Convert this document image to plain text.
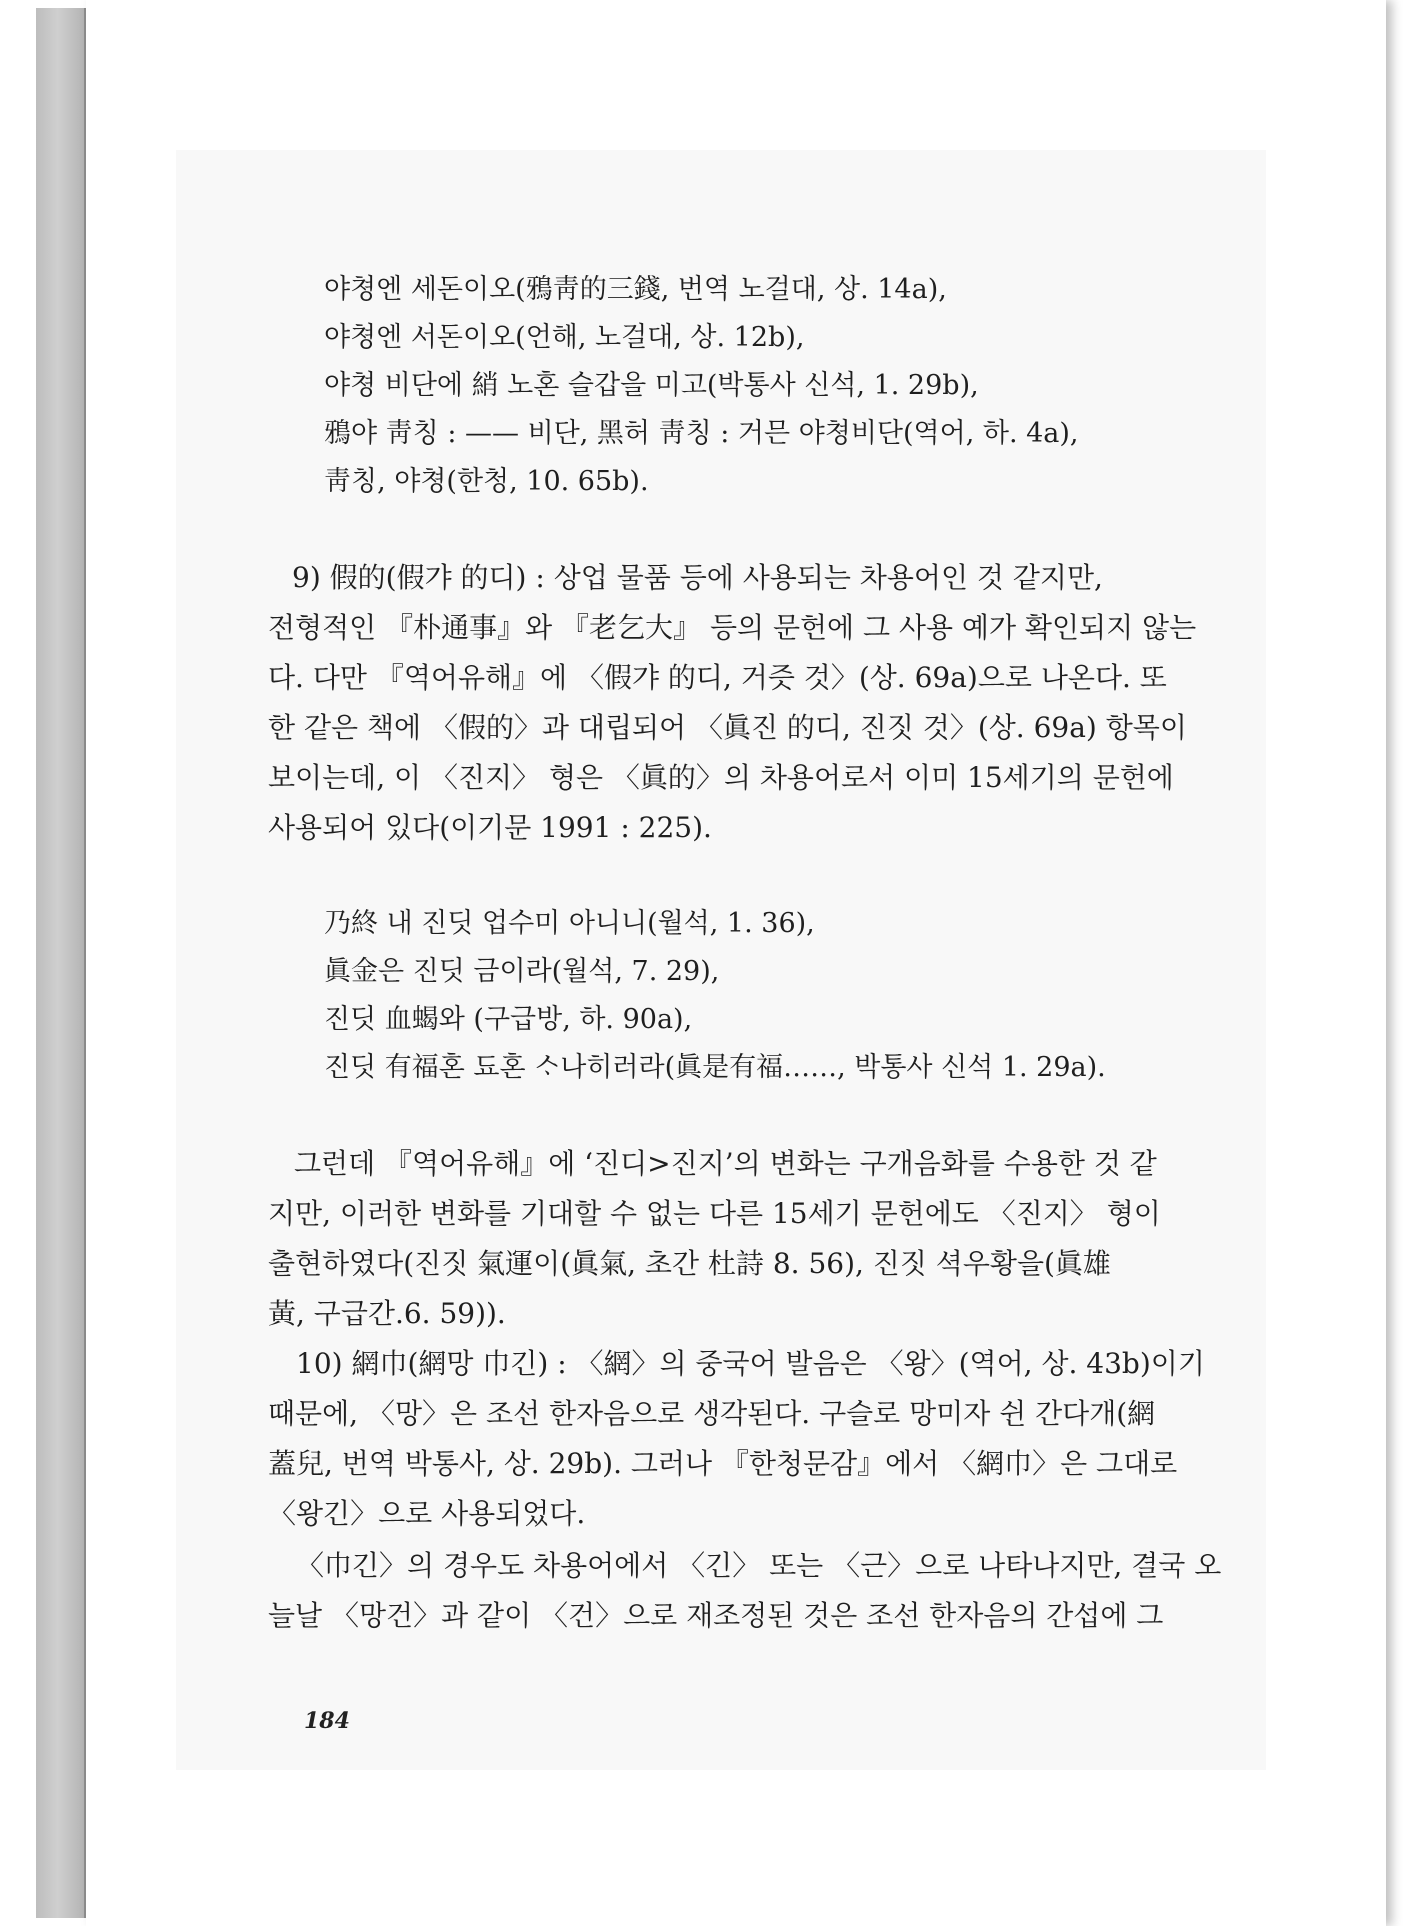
야쳥엔 세돈이오(鴉靑的三錢, 번역 노걸대, 상. 14a),
야쳥엔 서돈이오(언해, 노걸대, 상. 12b),
야쳥 비단에 綃 노혼 슬갑을 미고(박통사 신석, 1. 29b),
鴉야 靑칭 : —— 비단, 黑허 靑칭 : 거믄 야쳥비단(역어, 하. 4a),
靑칭, 야쳥(한청, 10. 65b).
9) 假的(假갸 的디) : 상업 물품 등에 사용되는 차용어인 것 같지만,
전형적인 『朴通事』와 『老乞大』 등의 문헌에 그 사용 예가 확인되지 않는
다. 다만 『역어유해』에 〈假갸 的디, 거즛 것〉(상. 69a)으로 나온다. 또
한 같은 책에 〈假的〉과 대립되어 〈眞진 的디, 진짓 것〉(상. 69a) 항목이
보이는데, 이 〈진지〉 형은 〈眞的〉의 차용어로서 이미 15세기의 문헌에
사용되어 있다(이기문 1991 : 225).
乃終 내 진딧 업수미 아니니(월석, 1. 36),
眞金은 진딧 금이라(월석, 7. 29),
진딧 血蝎와 (구급방, 하. 90a),
진딧 有福혼 됴혼 ᄉᆞ나히러라(眞是有福……, 박통사 신석 1. 29a).
그런데 『역어유해』에 ‘진디>진지’의 변화는 구개음화를 수용한 것 같
지만, 이러한 변화를 기대할 수 없는 다른 15세기 문헌에도 〈진지〉 형이
출현하였다(진짓 氣運이(眞氣, 초간 杜詩 8. 56), 진짓 셕우황을(眞雄
黃, 구급간.6. 59)).
10) 網巾(網망 巾긴) : 〈網〉의 중국어 발음은 〈왕〉(역어, 상. 43b)이기
때문에, 〈망〉은 조선 한자음으로 생각된다. 구슬로 망미자 쉰 간다개(網
蓋兒, 번역 박통사, 상. 29b). 그러나 『한청문감』에서 〈網巾〉은 그대로
〈왕긴〉으로 사용되었다.
〈巾긴〉의 경우도 차용어에서 〈긴〉 또는 〈근〉으로 나타나지만, 결국 오
늘날 〈망건〉과 같이 〈건〉으로 재조정된 것은 조선 한자음의 간섭에 그
184
